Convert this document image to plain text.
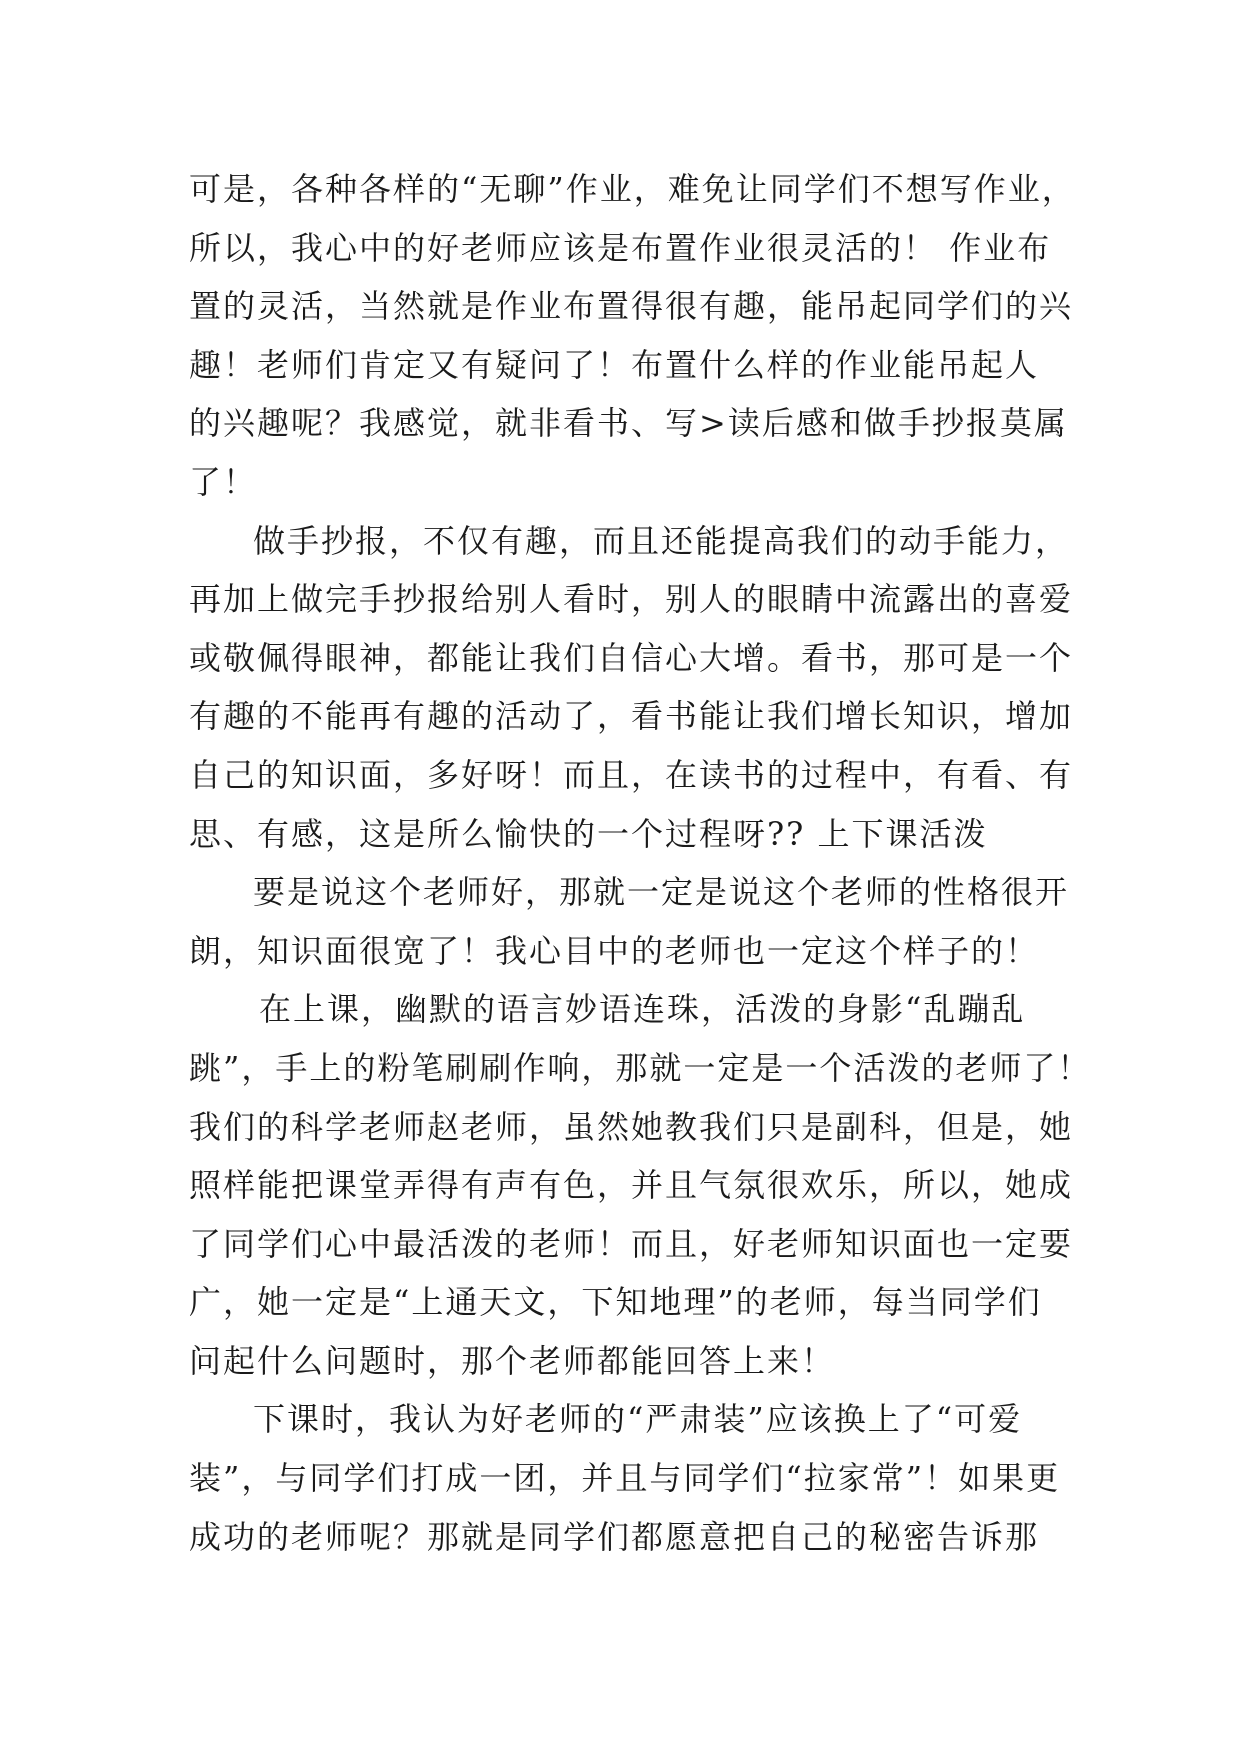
可是，各种各样的“无聊”作业，难免让同学们不想写作业，
所以，我心中的好老师应该是布置作业很灵活的！ 作业布
置的灵活，当然就是作业布置得很有趣，能吊起同学们的兴
趣！老师们肯定又有疑问了！布置什么样的作业能吊起人
的兴趣呢？我感觉，就非看书、写>读后感和做手抄报莫属
了！
做手抄报，不仅有趣，而且还能提高我们的动手能力，
再加上做完手抄报给别人看时，别人的眼睛中流露出的喜爱
或敬佩得眼神，都能让我们自信心大增。看书，那可是一个
有趣的不能再有趣的活动了，看书能让我们增长知识，增加
自己的知识面，多好呀！而且，在读书的过程中，有看、有
思、有感，这是所么愉快的一个过程呀?? 上下课活泼
要是说这个老师好，那就一定是说这个老师的性格很开
朗，知识面很宽了！我心目中的老师也一定这个样子的！
在上课，幽默的语言妙语连珠，活泼的身影“乱蹦乱
跳”，手上的粉笔刷刷作响，那就一定是一个活泼的老师了！
我们的科学老师赵老师，虽然她教我们只是副科，但是，她
照样能把课堂弄得有声有色，并且气氛很欢乐，所以，她成
了同学们心中最活泼的老师！而且，好老师知识面也一定要
广，她一定是“上通天文，下知地理”的老师，每当同学们
问起什么问题时，那个老师都能回答上来！
下课时，我认为好老师的“严肃装”应该换上了“可爱
装”，与同学们打成一团，并且与同学们“拉家常”！如果更
成功的老师呢？那就是同学们都愿意把自己的秘密告诉那
